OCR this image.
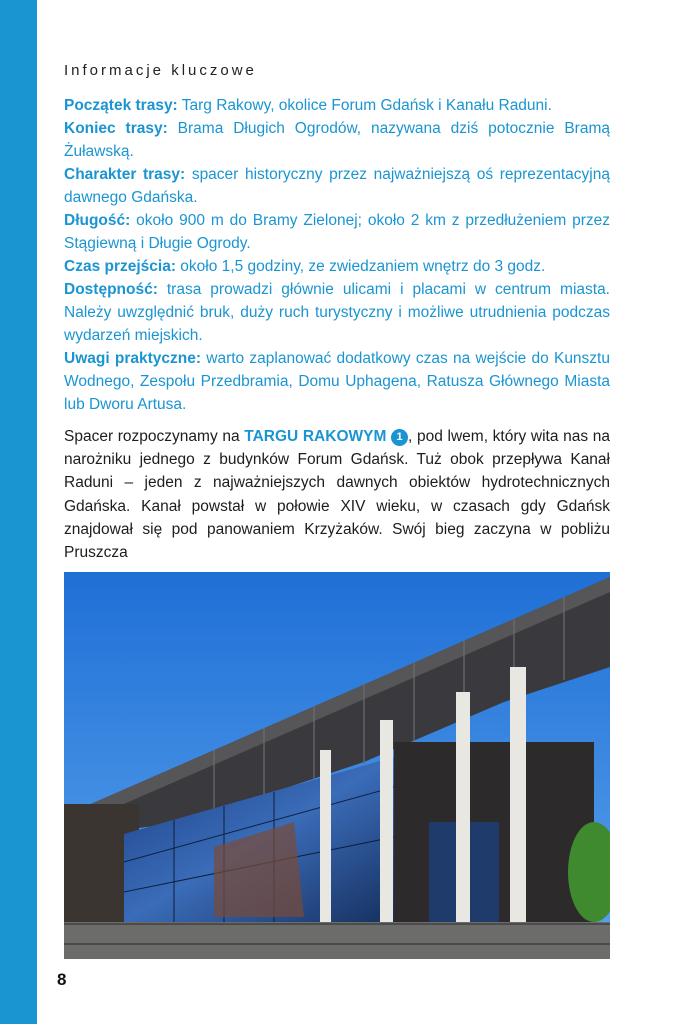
Informacje kluczowe

Początek trasy: Targ Rakowy, okolice Forum Gdańsk i Kanału Raduni.

Koniec trasy: Brama Długich Ogrodów, nazywana dziś potocznie Bramą Żuławską.

Charakter trasy: spacer historyczny przez najważniejszą oś reprezentacyjną dawnego Gdańska.

Długość: około 900 m do Bramy Zielonej; około 2 km z przedłużeniem przez Stągiewną i Długie Ogrody.

Czas przejścia: około 1,5 godziny, ze zwiedzaniem wnętrz do 3 godz.

Dostępność: trasa prowadzi głównie ulicami i placami w centrum miasta. Należy uwzględnić bruk, duży ruch turystyczny i możliwe utrudnienia podczas wydarzeń miejskich.

Uwagi praktyczne: warto zaplanować dodatkowy czas na wejście do Kunsztu Wodnego, Zespołu Przedbramia, Domu Uphagena, Ratusza Głównego Miasta lub Dworu Artusa.

Spacer rozpoczynamy na TARGU RAKOWYM 1 , pod lwem, który wita nas na narożniku jednego z budynków Forum Gdańsk. Tuż obok przepływa Kanał Raduni – jeden z najważniejszych dawnych obiektów hydrotechnicznych Gdańska. Kanał powstał w połowie XIV wieku, w czasach gdy Gdańsk znajdował się pod panowaniem Krzyżaków. Swój bieg zaczyna w pobliżu Pruszcza
8
